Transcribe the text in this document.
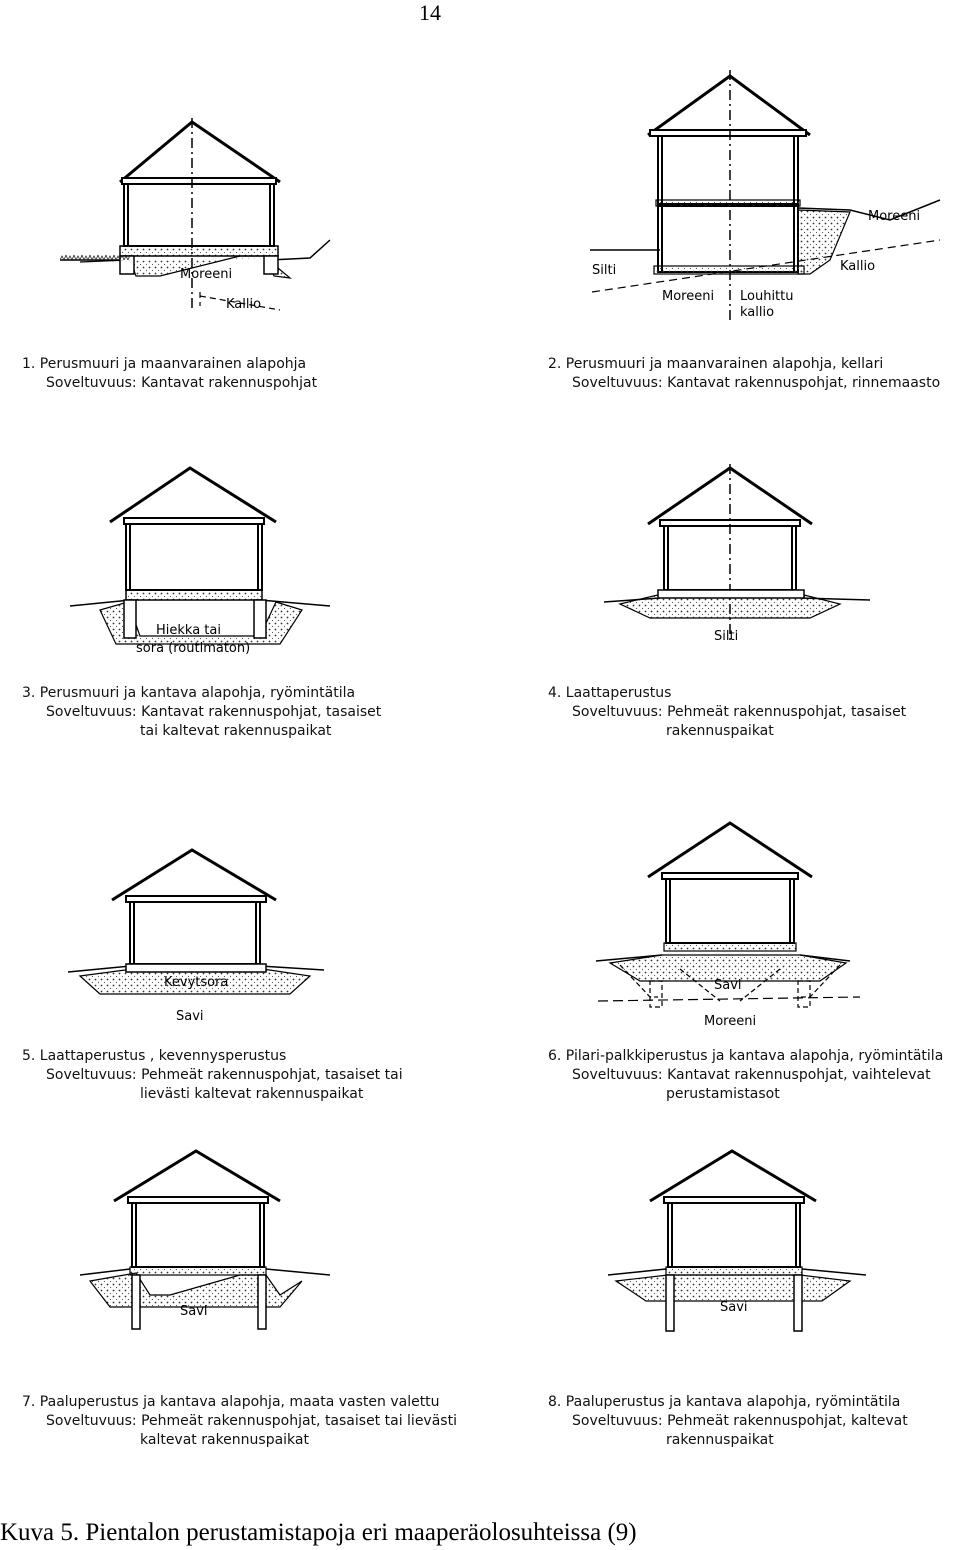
14
Moreeni
Kallio
1. Perusmuuri ja maanvarainen alapohja
Soveltuvuus: Kantavat rakennuspohjat
Moreeni
Silti	Kallio
Moreeni Louhittu
kallio
2. Perusmuuri ja maanvarainen alapohja, kellari
Soveltuvuus: Kantavat rakennuspohjat, rinnemaasto
Hiekka tai
sora (routimaton)
3. Perusmuuri ja kantava alapohja, ryömintätila
Soveltuvuus: Kantavat rakennuspohjat, tasaiset
tai kaltevat rakennuspaikat
Silti
4. Laattaperustus
Soveltuvuus: Pehmeät rakennuspohjat, tasaiset
rakennuspaikat
Kevytsora
Savi
5. Laattaperustus , kevennysperustus
Soveltuvuus: Pehmeät rakennuspohjat, tasaiset tai
lievästi kaltevat rakennuspaikat
Savi
Moreeni
6. Pilari-palkkiperustus ja kantava alapohja, ryömintätila
Soveltuvuus: Kantavat rakennuspohjat, vaihtelevat
perustamistasot
Savi
7. Paaluperustus ja kantava alapohja, maata vasten valettu
Soveltuvuus: Pehmeät rakennuspohjat, tasaiset tai lievästi
kaltevat rakennuspaikat
Savi
8. Paaluperustus ja kantava alapohja, ryömintätila
Soveltuvuus: Pehmeät rakennuspohjat, kaltevat
rakennuspaikat
Kuva 5. Pientalon perustamistapoja eri maaperäolosuhteissa (9)
